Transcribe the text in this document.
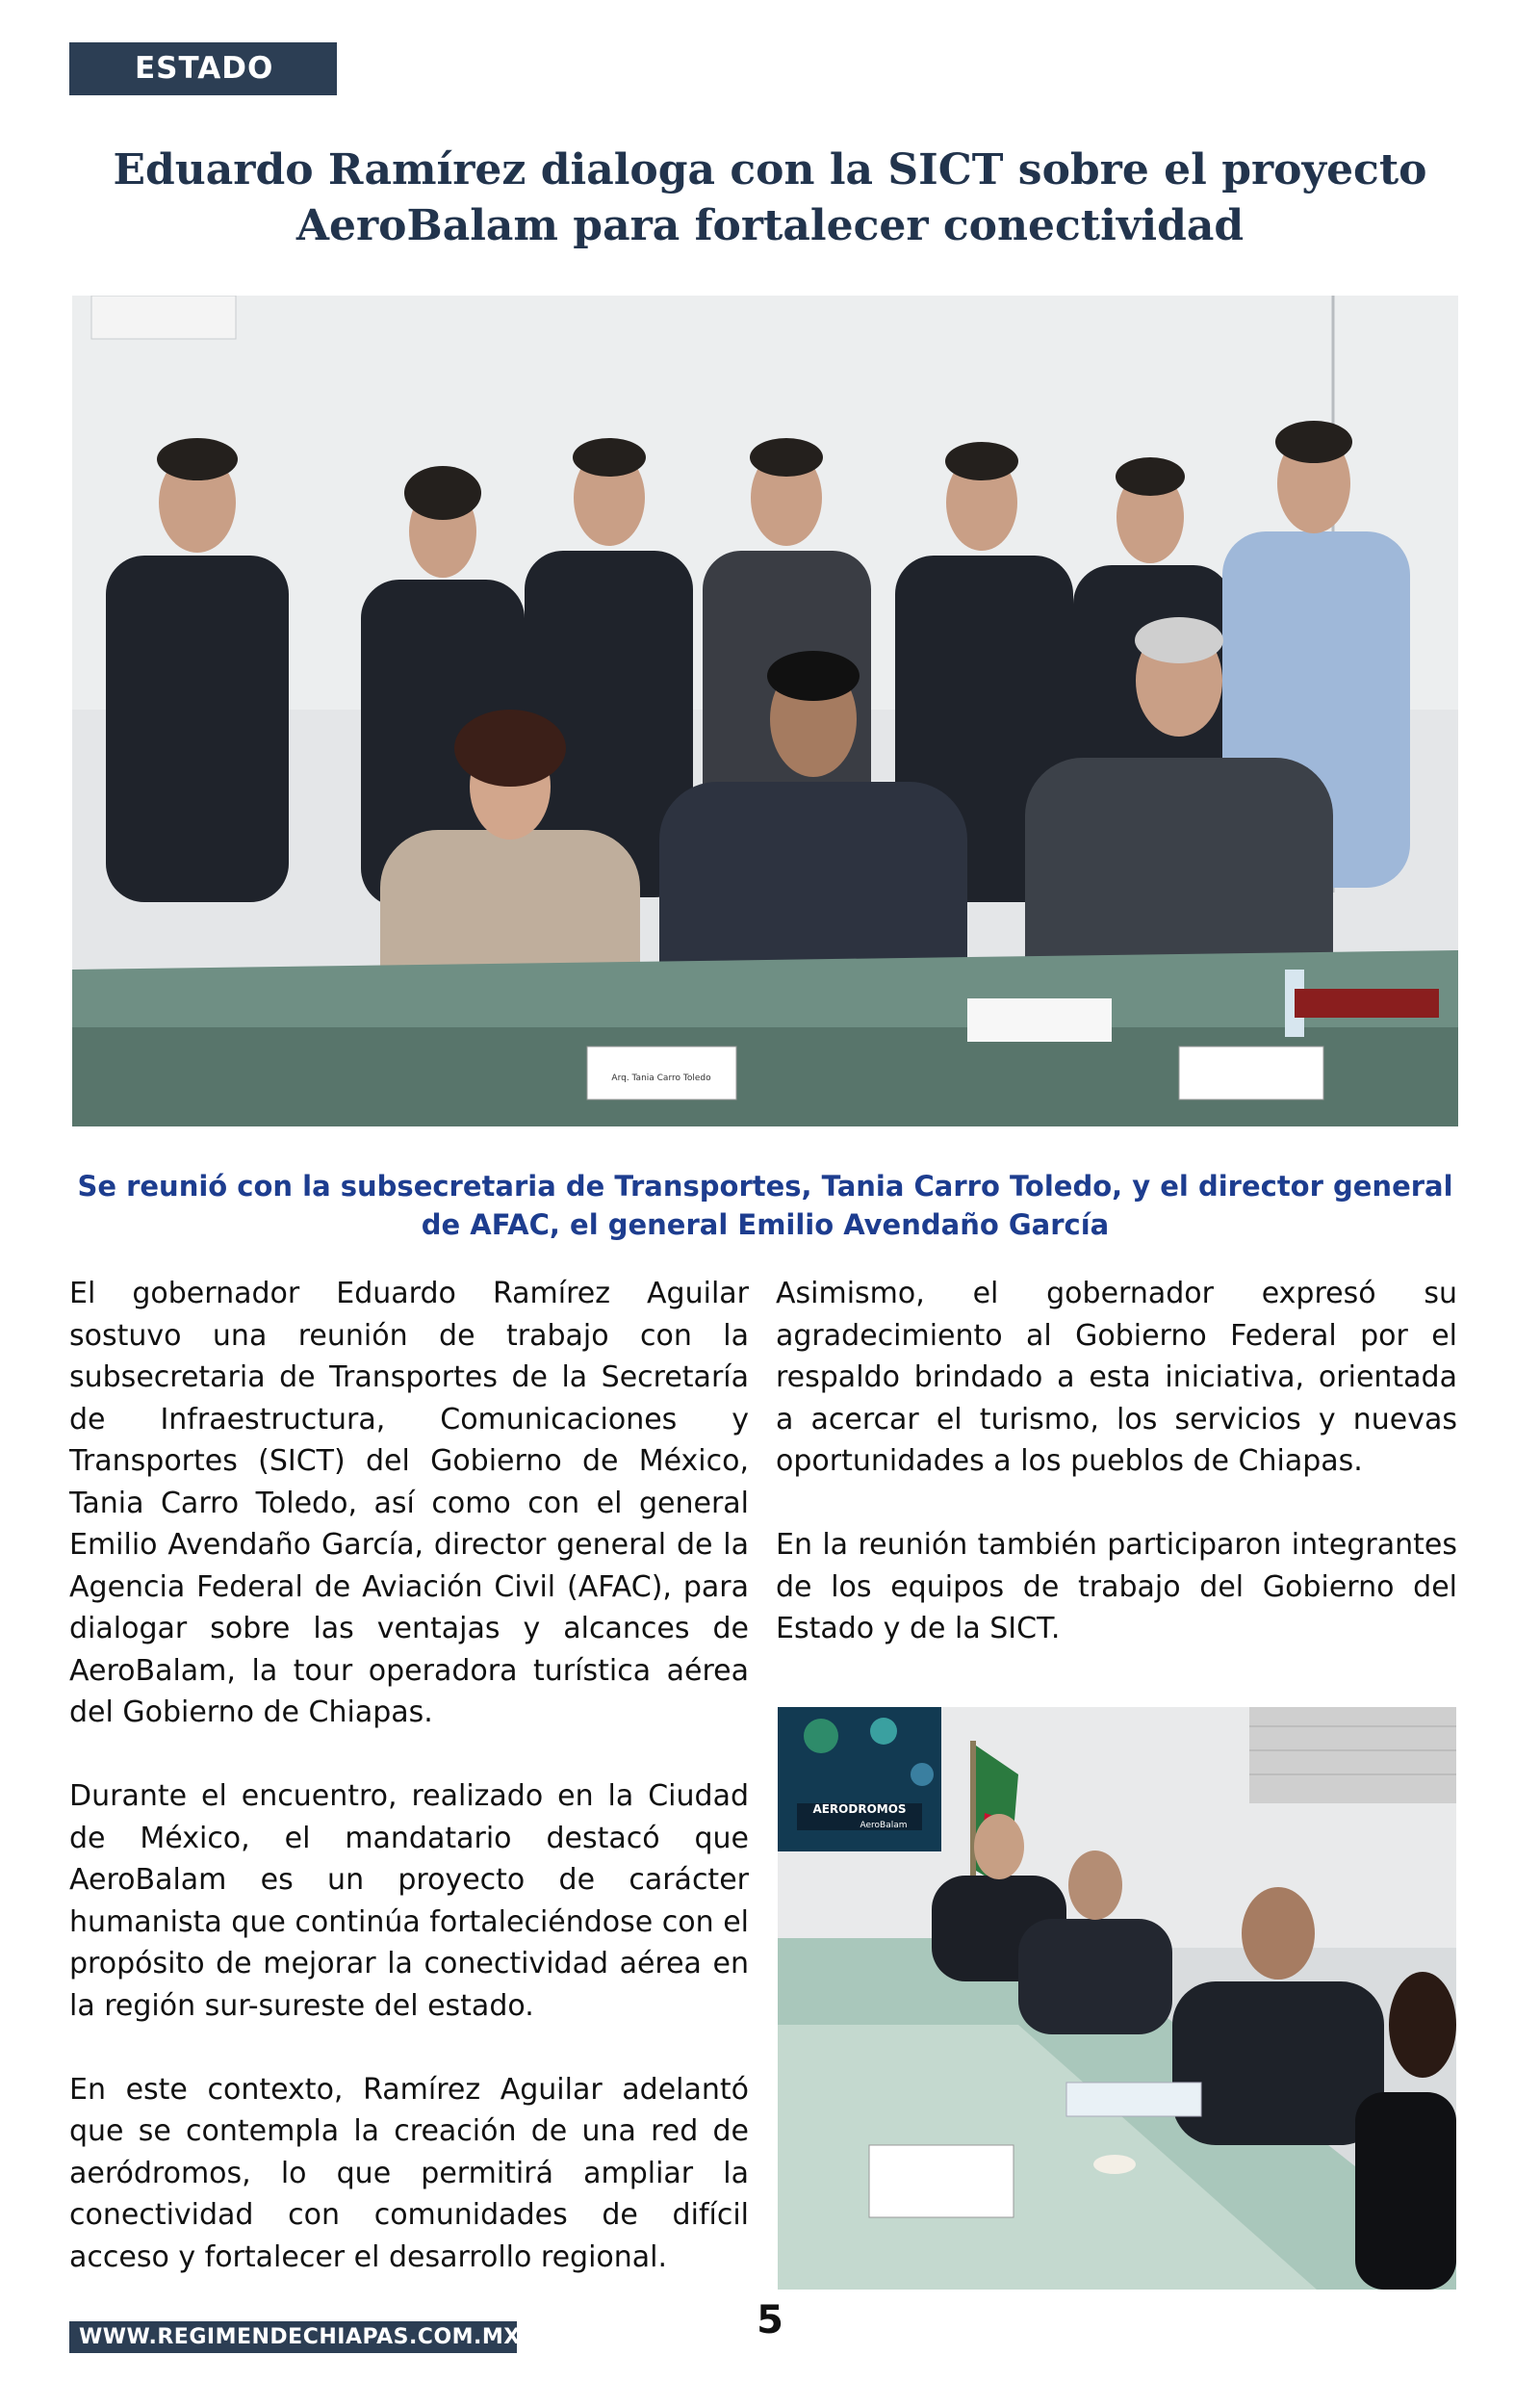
ESTADO
Eduardo Ramírez dialoga con la SICT sobre el proyecto
AeroBalam para fortalecer conectividad
Arq. Tania Carro Toledo

Se reunió con la subsecretaria de Transportes, Tania Carro Toledo, y el director general
de AFAC, el general Emilio Avendaño García

El gobernador Eduardo Ramírez Aguilar sostuvo una reunión de trabajo con la subsecretaria de Transportes de la Secretaría de Infraestructura, Comunicaciones y Transportes (SICT) del Gobierno de México, Tania Carro Toledo, así como con el general Emilio Avendaño García, director general de la Agencia Federal de Aviación Civil (AFAC), para dialogar sobre las ventajas y alcances de AeroBalam, la tour operadora turística aérea del Gobierno de Chiapas.

Durante el encuentro, realizado en la Ciudad de México, el mandatario destacó que AeroBalam es un proyecto de carácter humanista que continúa fortaleciéndose con el propósito de mejorar la conectividad aérea en la región sur-sureste del estado.

En este contexto, Ramírez Aguilar adelantó que se contempla la creación de una red de aeródromos, lo que permitirá ampliar la conectividad con comunidades de difícil acceso y fortalecer el desarrollo regional.

Asimismo, el gobernador expresó su agradecimiento al Gobierno Federal por el respaldo brindado a esta iniciativa, orientada a acercar el turismo, los servicios y nuevas oportunidades a los pueblos de Chiapas.

En la reunión también participaron integrantes de los equipos de trabajo del Gobierno del Estado y de la SICT.

AERODROMOS
AeroBalam
WWW.REGIMENDECHIAPAS.COM.MX	5
